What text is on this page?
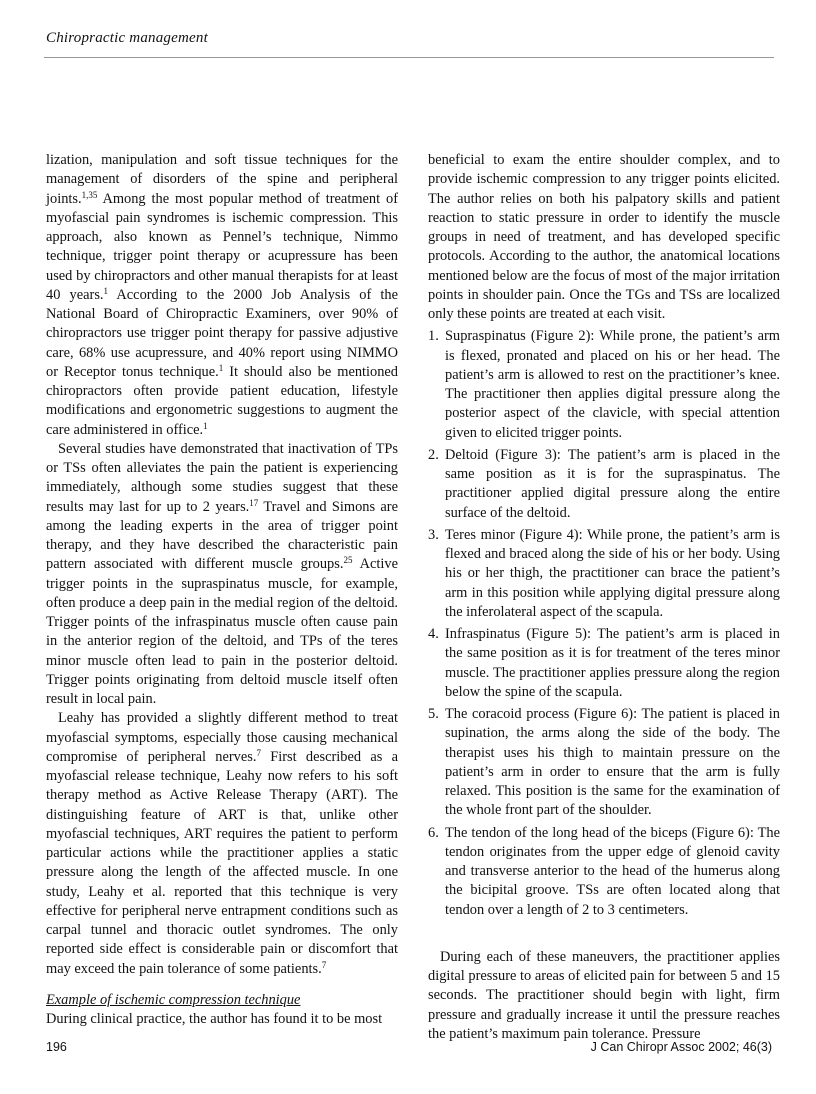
Chiropractic management

lization, manipulation and soft tissue techniques for the management of disorders of the spine and peripheral joints.$^{1,35}$ Among the most popular method of treatment of myofascial pain syndromes is ischemic compression. This approach, also known as Pennel’s technique, Nimmo technique, trigger point therapy or acupressure has been used by chiropractors and other manual therapists for at least 40 years.$^1$ According to the 2000 Job Analysis of the National Board of Chiropractic Examiners, over 90% of chiropractors use trigger point therapy for passive adjustive care, 68% use acupressure, and 40% report using NIMMO or Receptor tonus technique.$^1$ It should also be mentioned chiropractors often provide patient education, lifestyle modifications and ergonometric suggestions to augment the care administered in office.$^1$

Several studies have demonstrated that inactivation of TPs or TSs often alleviates the pain the patient is experiencing immediately, although some studies suggest that these results may last for up to 2 years.$^{17}$ Travel and Simons are among the leading experts in the area of trigger point therapy, and they have described the characteristic pain pattern associated with different muscle groups.$^{25}$ Active trigger points in the supraspinatus muscle, for example, often produce a deep pain in the medial region of the deltoid. Trigger points of the infraspinatus muscle often cause pain in the anterior region of the deltoid, and TPs of the teres minor muscle often lead to pain in the posterior deltoid. Trigger points originating from deltoid muscle itself often result in local pain.

Leahy has provided a slightly different method to treat myofascial symptoms, especially those causing mechanical compromise of peripheral nerves.$^7$ First described as a myofascial release technique, Leahy now refers to his soft therapy method as Active Release Therapy (ART). The distinguishing feature of ART is that, unlike other myofascial techniques, ART requires the patient to perform particular actions while the practitioner applies a static pressure along the length of the affected muscle. In one study, Leahy et al. reported that this technique is very effective for peripheral nerve entrapment conditions such as carpal tunnel and thoracic outlet syndromes. The only reported side effect is considerable pain or discomfort that may exceed the pain tolerance of some patients.$^7$

Example of ischemic compression technique

During clinical practice, the author has found it to be most

beneficial to exam the entire shoulder complex, and to provide ischemic compression to any trigger points elicited. The author relies on both his palpatory skills and patient reaction to static pressure in order to identify the muscle groups in need of treatment, and has developed specific protocols. According to the author, the anatomical locations mentioned below are the focus of most of the major irritation points in shoulder pain. Once the TGs and TSs are localized only these points are treated at each visit.

1. Supraspinatus (Figure 2): While prone, the patient’s arm is flexed, pronated and placed on his or her head. The patient’s arm is allowed to rest on the practitioner’s knee. The practitioner then applies digital pressure along the posterior aspect of the clavicle, with special attention given to elicited trigger points.
2. Deltoid (Figure 3): The patient’s arm is placed in the same position as it is for the supraspinatus. The practitioner applied digital pressure along the entire surface of the deltoid.
3. Teres minor (Figure 4): While prone, the patient’s arm is flexed and braced along the side of his or her body. Using his or her thigh, the practitioner can brace the patient’s arm in this position while applying digital pressure along the inferolateral aspect of the scapula.
4. Infraspinatus (Figure 5): The patient’s arm is placed in the same position as it is for treatment of the teres minor muscle. The practitioner applies pressure along the region below the spine of the scapula.
5. The coracoid process (Figure 6): The patient is placed in supination, the arms along the side of the body. The therapist uses his thigh to maintain pressure on the patient’s arm in order to ensure that the arm is fully relaxed. This position is the same for the examination of the whole front part of the shoulder.
6. The tendon of the long head of the biceps (Figure 6): The tendon originates from the upper edge of glenoid cavity and transverse anterior to the head of the humerus along the bicipital groove. TSs are often located along that tendon over a length of 2 to 3 centimeters.

During each of these maneuvers, the practitioner applies digital pressure to areas of elicited pain for between 5 and 15 seconds. The practitioner should begin with light, firm pressure and gradually increase it until the pressure reaches the patient’s maximum pain tolerance. Pressure

196	J Can Chiropr Assoc 2002; 46(3)
